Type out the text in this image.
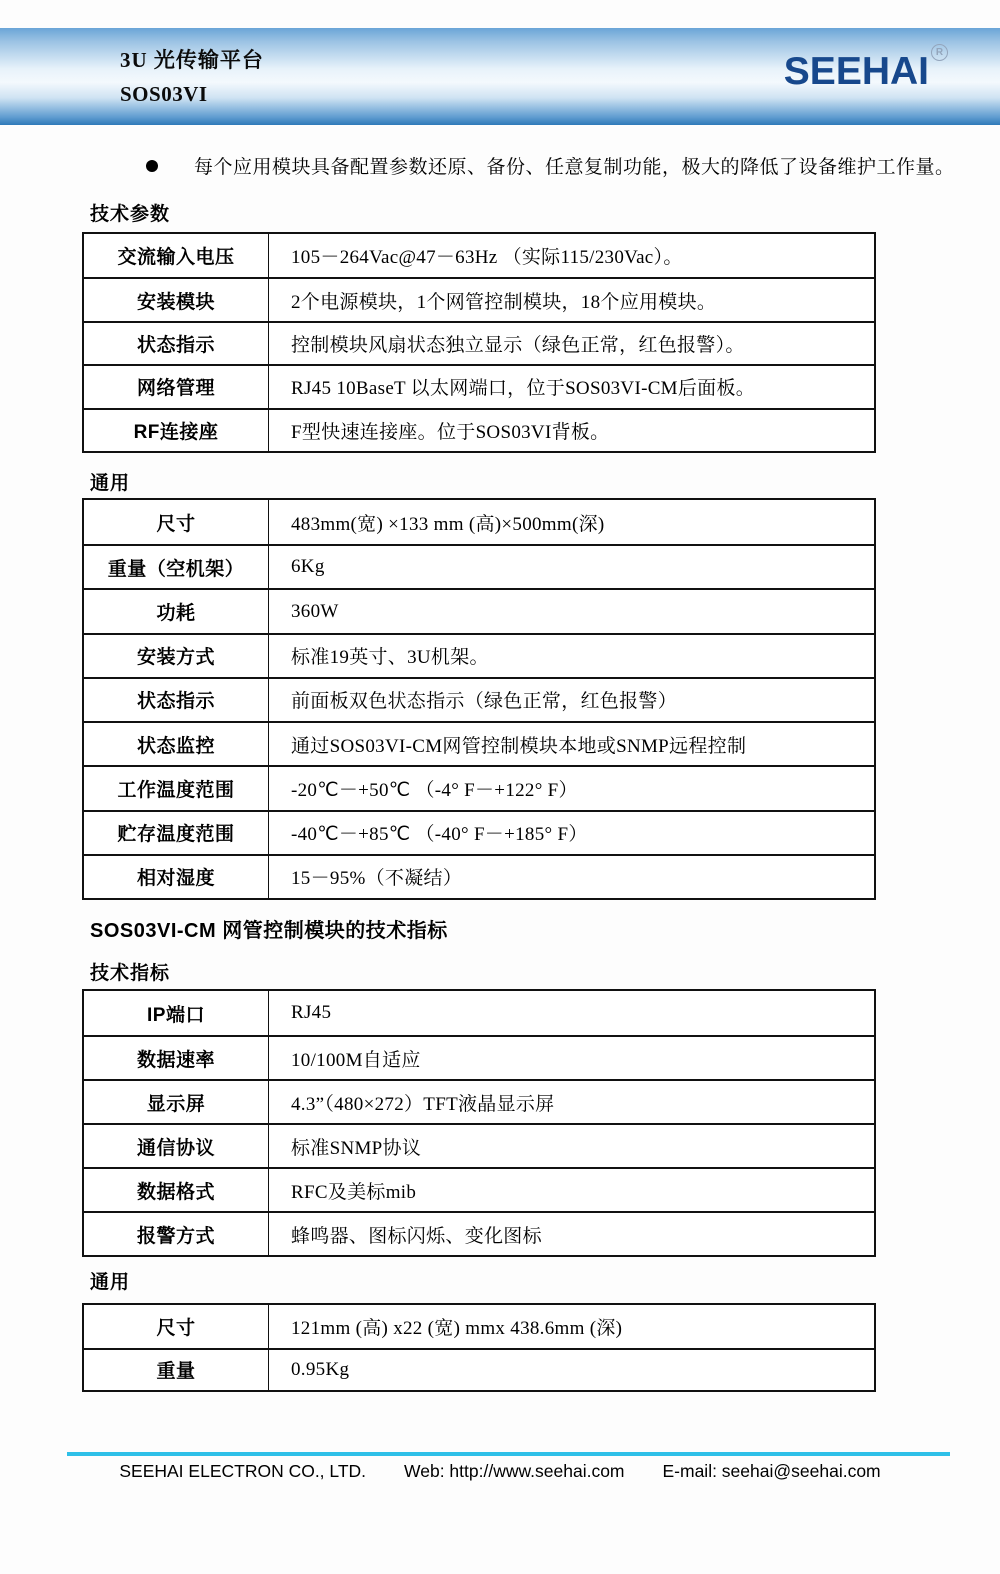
3U 光传输平台
SOS03VI
SEEHAI R
每个应用模块具备配置参数还原、备份、任意复制功能，极大的降低了设备维护工作量。
技术参数
交流输入电压	105－264Vac@47－63Hz （实际115/230Vac）。
安装模块	2个电源模块，1个网管控制模块，18个应用模块。
状态指示	控制模块风扇状态独立显示（绿色正常，红色报警）。
网络管理	RJ45 10BaseT 以太网端口，位于SOS03VI-CM后面板。
RF连接座	F型快速连接座。位于SOS03VI背板。
通用
尺寸	483mm(宽) ×133 mm (高)×500mm(深)
重量（空机架）	6Kg
功耗	360W
安装方式	标准19英寸、3U机架。
状态指示	前面板双色状态指示（绿色正常，红色报警）
状态监控	通过SOS03VI-CM网管控制模块本地或SNMP远程控制
工作温度范围	-20℃－+50℃ （-4° F－+122° F）
贮存温度范围	-40℃－+85℃ （-40° F－+185° F）
相对湿度	15－95%（不凝结）
SOS03VI-CM 网管控制模块的技术指标
技术指标
IP端口	RJ45
数据速率	10/100M自适应
显示屏	4.3”（480×272）TFT液晶显示屏
通信协议	标准SNMP协议
数据格式	RFC及美标mib
报警方式	蜂鸣器、图标闪烁、变化图标
通用
尺寸	121mm (高) x22 (宽) mmx 438.6mm (深)
重量	0.95Kg
SEEHAI ELECTRON CO., LTD. Web: http://www.seehai.com E-mail: seehai@seehai.com
